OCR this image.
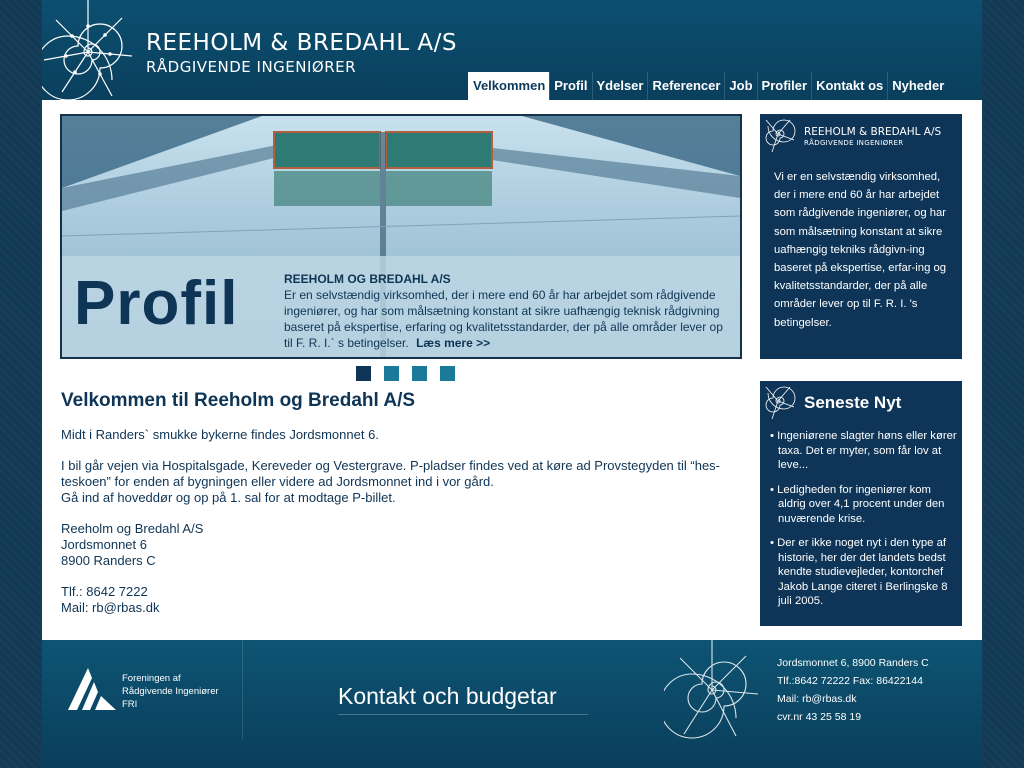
REEHOLM & BREDAHL A/S
RÅDGIVENDE INGENIØRER
Velkommen Profil Ydelser Referencer Job Profiler Kontakt os Nyheder
Profil	REEHOLM OG BREDAHL A/S
Er en selvstændig virksomhed, der i mere end 60 år har arbejdet som rådgivende ingeniører, og har som målsætning konstant at sikre uafhængig teknisk rådgivning baseret på ekspertise, erfaring og kvalitetsstandarder, der på alle områder lever op til F. R. I.` s betingelser. Læs mere >>
Velkommen til Reeholm og Bredahl A/S

Midt i Randers` smukke bykerne findes Jordsmonnet 6.

I bil går vejen via Hospitalsgade, Kereveder og Vestergrave. P-pladser findes ved at køre ad Provstegyden til “hes-teskoen” for enden af bygningen eller videre ad Jordsmonnet ind i vor gård.

Gå ind af hoveddør og op på 1. sal for at modtage P-billet.

Reeholm og Bredahl A/S
Jordsmonnet 6

8900 Randers C

Tlf.: 8642 7222
Mail: rb@rbas.dk
REEHOLM & BREDAHL A/S
RÅDGIVENDE INGENIØRER
Vi er en selvstændig virksomhed, der i mere end 60 år har arbejdet som rådgivende ingeniører, og har som målsætning konstant at sikre uafhængig tekniks rådgivn-ing baseret på ekspertise, erfar-ing og kvalitetsstandarder, der på alle områder lever op til F. R. I. 's betingelser.
Seneste Nyt
• Ingeniørene slagter høns eller kører taxa. Det er myter, som får lov at leve...
• Ledigheden for ingeniører kom aldrig over 4,1 procent under den nuværende krise.
• Der er ikke noget nyt i den type af historie, her der det landets bedst kendte studievejleder, kontorchef Jakob Lange citeret i Berlingske 8 juli 2005.
Foreningen af
Rådgivende Ingeniører
FRI	Kontakt och budgetar
Jordsmonnet 6, 8900 Randers C
Tlf.:8642 72222 Fax: 86422144
Mail: rb@rbas.dk
cvr.nr 43 25 58 19
